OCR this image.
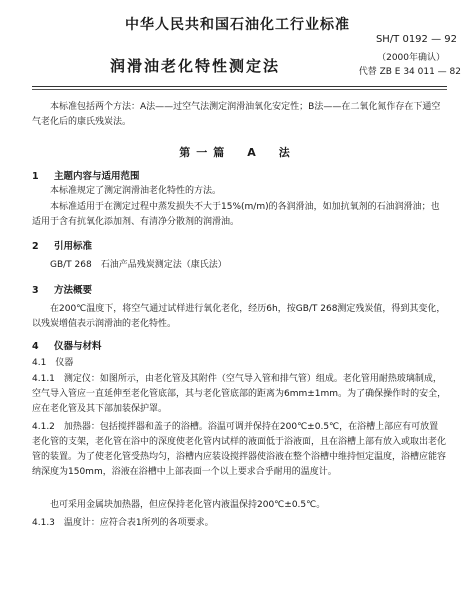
中华人民共和国石油化工行业标准
SH/T 0192 — 92
（2000年确认）
润滑油老化特性测定法	代替 ZB E 34 011 — 82
本标准包括两个方法：A法——过空气法测定润滑油氧化安定性；B法——在二氧化氮作存在下通空气老化后的康氏残炭法。
第一篇　A　法
1 主题内容与适用范围
本标准规定了测定润滑油老化特性的方法。
本标准适用于在测定过程中蒸发损失不大于15%(m/m)的各润滑油，如加抗氧剂的石油润滑油；也适用于含有抗氧化添加剂、有清净分散剂的润滑油。
2 引用标准
GB/T 268　石油产品残炭测定法（康氏法）
3 方法概要
在200℃温度下，将空气通过试样进行氧化老化，经历6h，按GB/T 268测定残炭值，得到其变化，以残炭增值表示润滑油的老化特性。
4 仪器与材料
4.1　仪器
4.1.1　测定仪：如图所示，由老化管及其附件（空气导入管和排气管）组成。老化管用耐热玻璃制成，空气导入管应一直延伸至老化管底部，其与老化管底部的距离为6mm±1mm。为了确保操作时的安全，应在老化管及其下部加装保护罩。
4.1.2　加热器：包括搅拌器和盖子的浴槽。浴温可调并保持在200℃±0.5℃，在浴槽上部应有可放置老化管的支架，老化管在浴中的深度使老化管内试样的液面低于浴液面，且在浴槽上部有放入或取出老化管的装置。为了使老化管受热均匀，浴槽内应装设搅拌器使浴液在整个浴槽中维持恒定温度，浴槽应能容纳深度为150mm，浴液在浴槽中上部表面一个以上要求合乎耐用的温度计。
也可采用金属块加热器，但应保持老化管内液温保持200℃±0.5℃。
4.1.3　温度计：应符合表1所列的各项要求。
